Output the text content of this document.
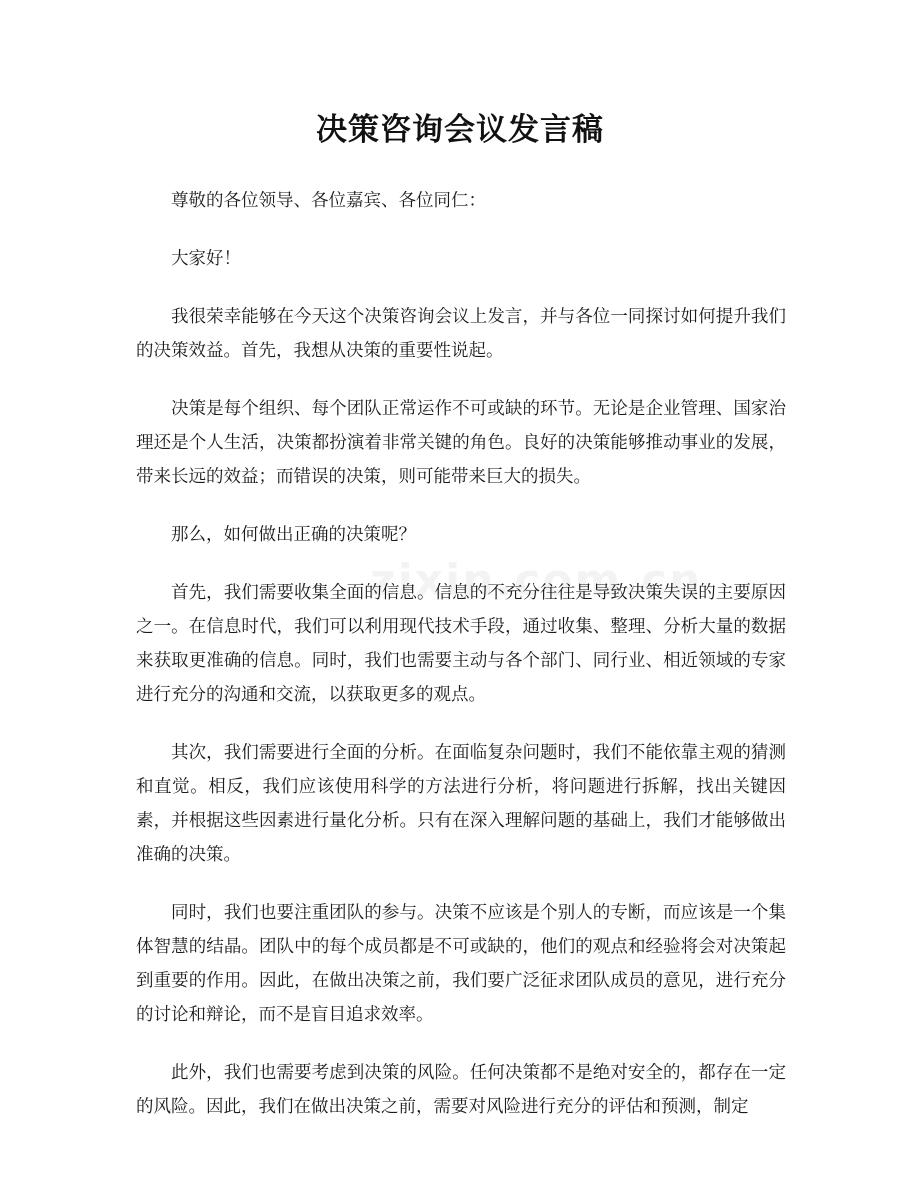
决策咨询会议发言稿

尊敬的各位领导、各位嘉宾、各位同仁：

大家好！

我很荣幸能够在今天这个决策咨询会议上发言，并与各位一同探讨如何提升我们的决策效益。首先，我想从决策的重要性说起。

决策是每个组织、每个团队正常运作不可或缺的环节。无论是企业管理、国家治理还是个人生活，决策都扮演着非常关键的角色。良好的决策能够推动事业的发展，带来长远的效益；而错误的决策，则可能带来巨大的损失。

那么，如何做出正确的决策呢？

首先，我们需要收集全面的信息。信息的不充分往往是导致决策失误的主要原因之一。在信息时代，我们可以利用现代技术手段，通过收集、整理、分析大量的数据来获取更准确的信息。同时，我们也需要主动与各个部门、同行业、相近领域的专家进行充分的沟通和交流，以获取更多的观点。

其次，我们需要进行全面的分析。在面临复杂问题时，我们不能依靠主观的猜测和直觉。相反，我们应该使用科学的方法进行分析，将问题进行拆解，找出关键因素，并根据这些因素进行量化分析。只有在深入理解问题的基础上，我们才能够做出准确的决策。

同时，我们也要注重团队的参与。决策不应该是个别人的专断，而应该是一个集体智慧的结晶。团队中的每个成员都是不可或缺的，他们的观点和经验将会对决策起到重要的作用。因此，在做出决策之前，我们要广泛征求团队成员的意见，进行充分的讨论和辩论，而不是盲目追求效率。

此外，我们也需要考虑到决策的风险。任何决策都不是绝对安全的，都存在一定的风险。因此，我们在做出决策之前，需要对风险进行充分的评估和预测，制定
